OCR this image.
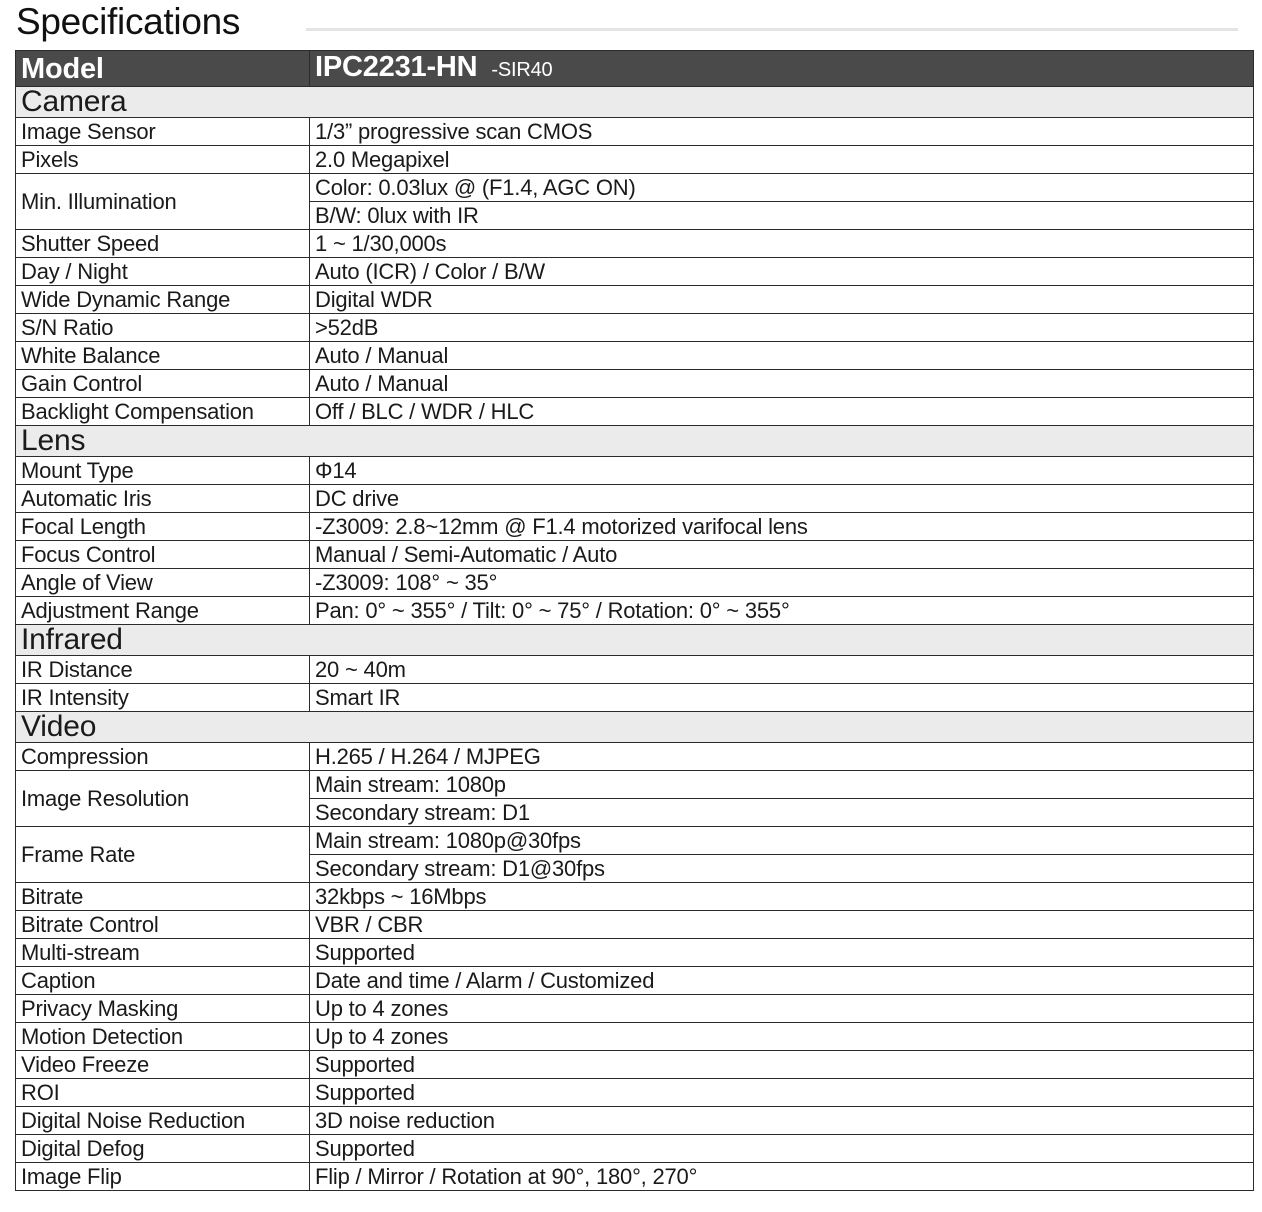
Specifications
Model	IPC2231-HN -SIR40
Camera	
Image Sensor	1/3” progressive scan CMOS
Pixels	2.0 Megapixel
Min. Illumination	Color: 0.03lux @ (F1.4, AGC ON)
	B/W: 0lux with IR
Shutter Speed	1 ~ 1/30,000s
Day / Night	Auto (ICR) / Color / B/W
Wide Dynamic Range	Digital WDR
S/N Ratio	>52dB
White Balance	Auto / Manual
Gain Control	Auto / Manual
Backlight Compensation	Off / BLC / WDR / HLC
Lens	
Mount Type	Φ14
Automatic Iris	DC drive
Focal Length	-Z3009: 2.8~12mm @ F1.4 motorized varifocal lens
Focus Control	Manual / Semi-Automatic / Auto
Angle of View	-Z3009: 108° ~ 35°
Adjustment Range	Pan: 0° ~ 355° / Tilt: 0° ~ 75° / Rotation: 0° ~ 355°
Infrared	
IR Distance	20 ~ 40m
IR Intensity	Smart IR
Video	
Compression	H.265 / H.264 / MJPEG
Image Resolution	Main stream: 1080p
	Secondary stream: D1
Frame Rate	Main stream: 1080p@30fps
	Secondary stream: D1@30fps
Bitrate	32kbps ~ 16Mbps
Bitrate Control	VBR / CBR
Multi-stream	Supported
Caption	Date and time / Alarm / Customized
Privacy Masking	Up to 4 zones
Motion Detection	Up to 4 zones
Video Freeze	Supported
ROI	Supported
Digital Noise Reduction	3D noise reduction
Digital Defog	Supported
Image Flip	Flip / Mirror / Rotation at 90°, 180°, 270°
